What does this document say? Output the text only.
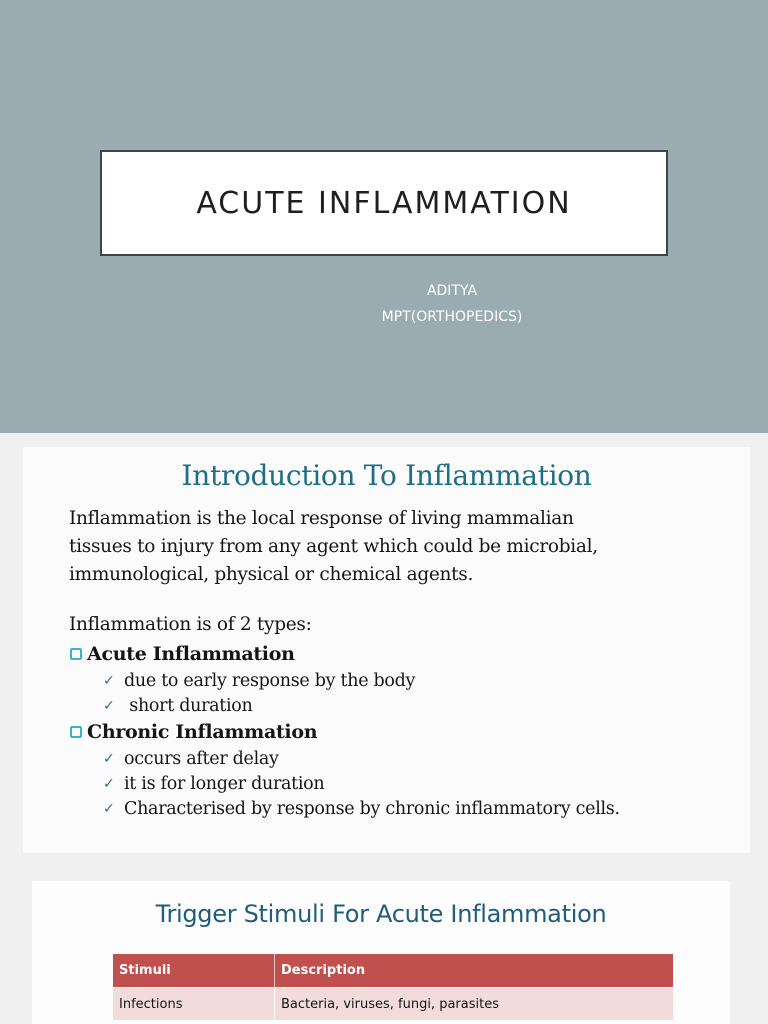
ACUTE INFLAMMATION
ADITYA
MPT(ORTHOPEDICS)
Introduction To Inflammation
Inflammation is the local response of living mammalian
tissues to injury from any agent which could be microbial,
immunological, physical or chemical agents.
Inflammation is of 2 types:
Acute Inflammation
✓ due to early response by the body
✓ short duration
Chronic Inflammation
✓ occurs after delay
✓ it is for longer duration
✓ Characterised by response by chronic inflammatory cells.
Trigger Stimuli For Acute Inflammation
Stimuli	Description
Infections	Bacteria, viruses, fungi, parasites
